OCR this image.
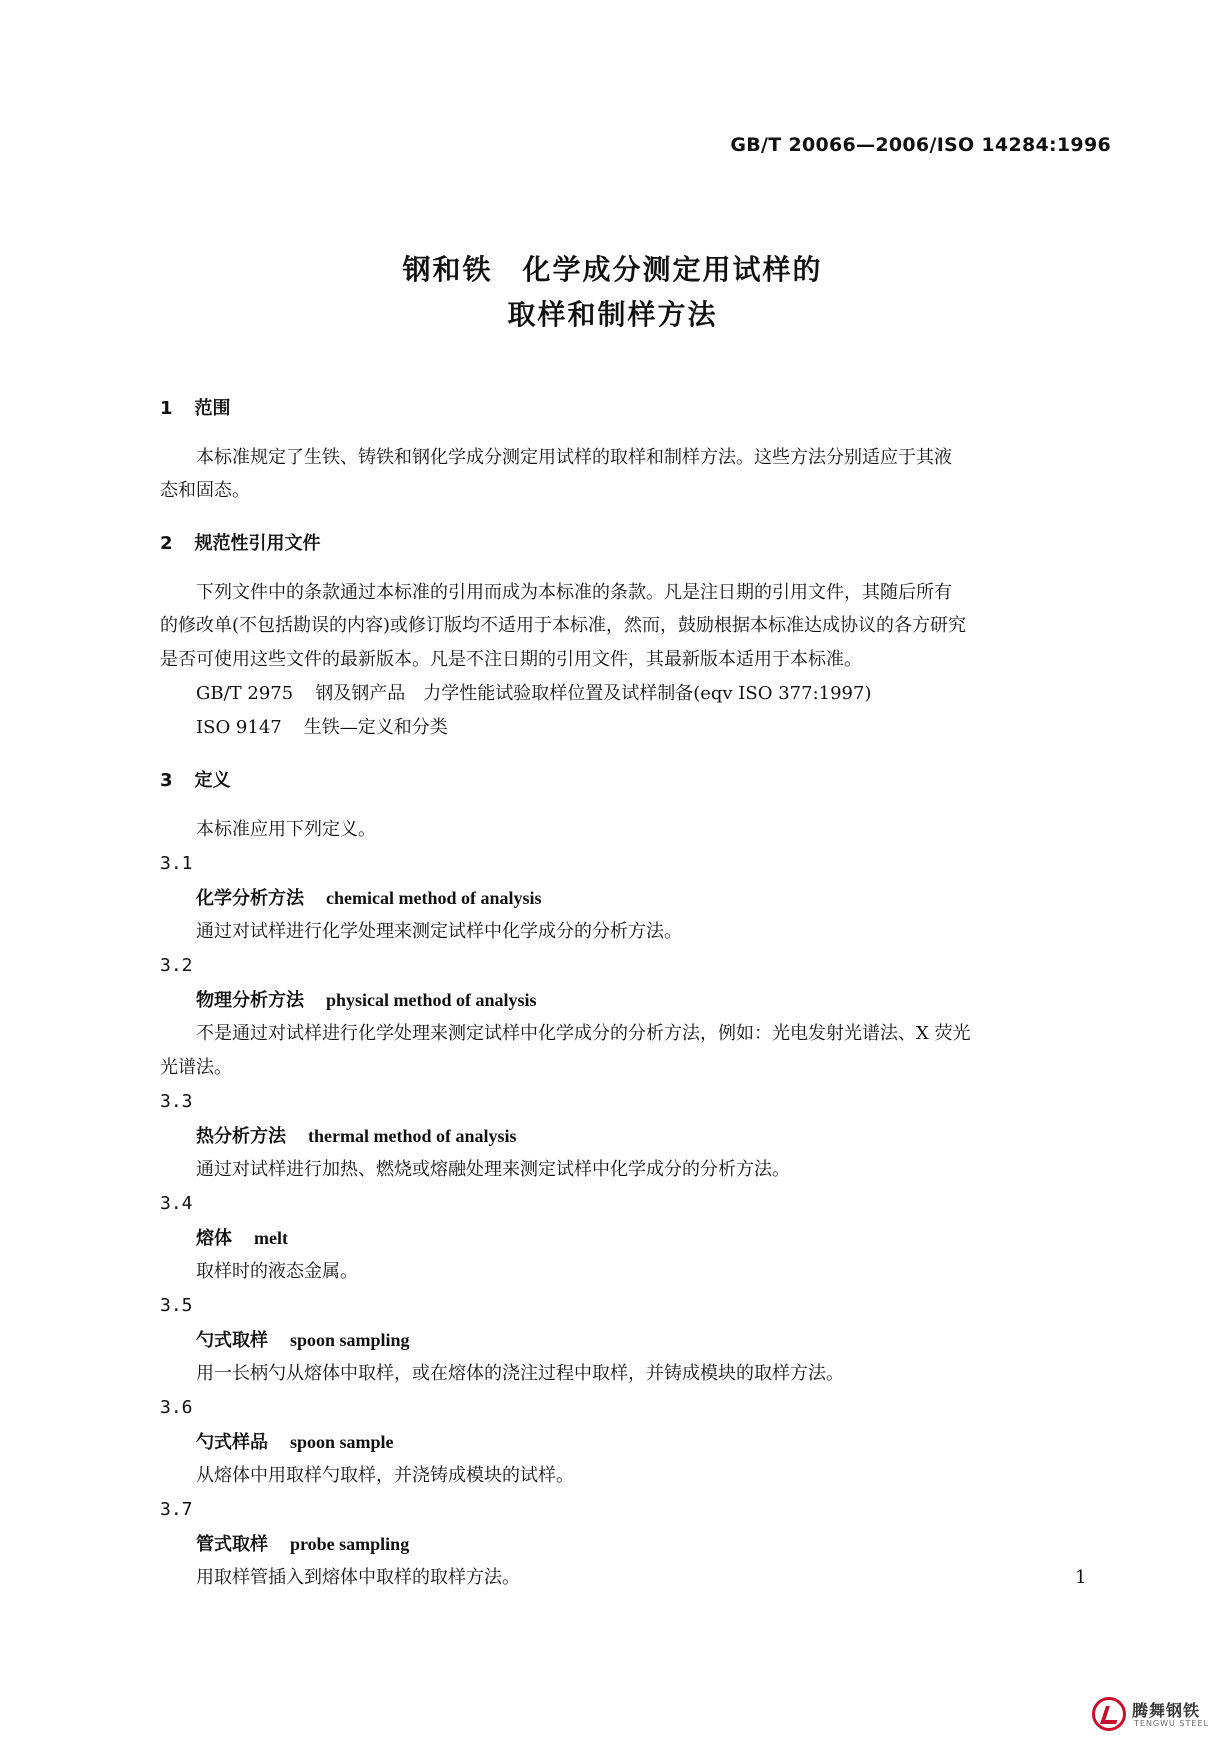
GB/T 20066—2006/ISO 14284:1996
钢和铁　化学成分测定用试样的
取样和制样方法
1 范围
本标准规定了生铁、铸铁和钢化学成分测定用试样的取样和制样方法。这些方法分别适应于其液
态和固态。
2 规范性引用文件
下列文件中的条款通过本标准的引用而成为本标准的条款。凡是注日期的引用文件，其随后所有
的修改单(不包括勘误的内容)或修订版均不适用于本标准，然而，鼓励根据本标准达成协议的各方研究
是否可使用这些文件的最新版本。凡是不注日期的引用文件，其最新版本适用于本标准。
GB/T 2975 钢及钢产品　力学性能试验取样位置及试样制备(eqv ISO 377:1997)
ISO 9147 生铁—定义和分类
3 定义
本标准应用下列定义。
3.1
化学分析方法 chemical method of analysis
通过对试样进行化学处理来测定试样中化学成分的分析方法。
3.2
物理分析方法 physical method of analysis
不是通过对试样进行化学处理来测定试样中化学成分的分析方法，例如：光电发射光谱法、X 荧光
光谱法。
3.3
热分析方法 thermal method of analysis
通过对试样进行加热、燃烧或熔融处理来测定试样中化学成分的分析方法。
3.4
熔体 melt
取样时的液态金属。
3.5
勺式取样 spoon sampling
用一长柄勺从熔体中取样，或在熔体的浇注过程中取样，并铸成模块的取样方法。
3.6
勺式样品 spoon sample
从熔体中用取样勺取样，并浇铸成模块的试样。
3.7
管式取样 probe sampling
用取样管插入到熔体中取样的取样方法。	1
腾舞钢铁
TENGWU STEEL
